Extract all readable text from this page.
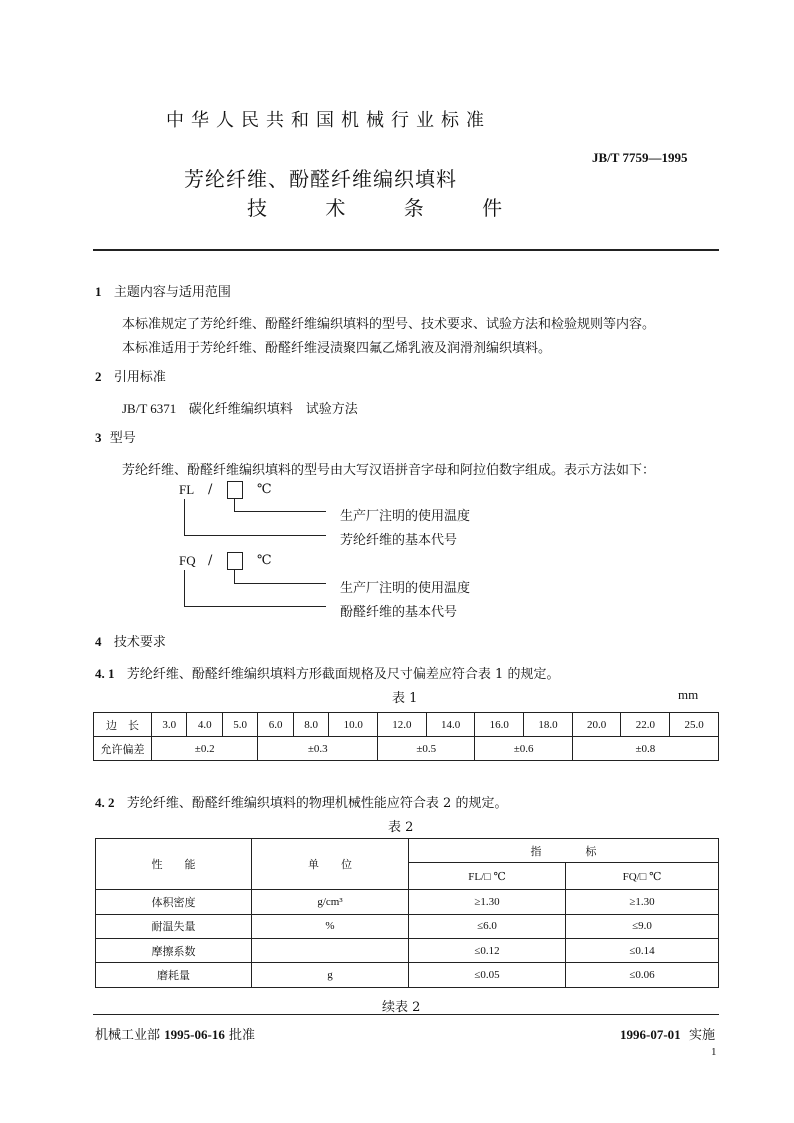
中华人民共和国机械行业标准
JB/T 7759—1995
芳纶纤维、酚醛纤维编织填料
技 术 条 件
1 主题内容与适用范围
本标准规定了芳纶纤维、酚醛纤维编织填料的型号、技术要求、试验方法和检验规则等内容。
本标准适用于芳纶纤维、酚醛纤维浸渍聚四氟乙烯乳液及润滑剂编织填料。
2 引用标准
JB/T 6371 碳化纤维编织填料　试验方法
3 型号
芳纶纤维、酚醛纤维编织填料的型号由大写汉语拼音字母和阿拉伯数字组成。表示方法如下：
FL /	℃
生产厂注明的使用温度
芳纶纤维的基本代号
FQ /	℃
生产厂注明的使用温度
酚醛纤维的基本代号
4 技术要求
4. 1 芳纶纤维、酚醛纤维编织填料方形截面规格及尺寸偏差应符合表 1 的规定。
表 1	mm
边　长	3.0	4.0	5.0	6.0	8.0	10.0	12.0	14.0	16.0	18.0	20.0	22.0	25.0
允许偏差	±0.2			±0.3			±0.5		±0.6		±0.8		
4. 2 芳纶纤维、酚醛纤维编织填料的物理机械性能应符合表 2 的规定。
表 2
性　　能	单　　位	指　　　　标	
		FL/□ ℃	FQ/□ ℃
体积密度	g/cm³	≥1.30	≥1.30
耐温失量	%	≤6.0	≤9.0
摩擦系数		≤0.12	≤0.14
磨耗量	g	≤0.05	≤0.06
续表 2
机械工业部 1995-06-16 批准	1996-07-01 实施
1
